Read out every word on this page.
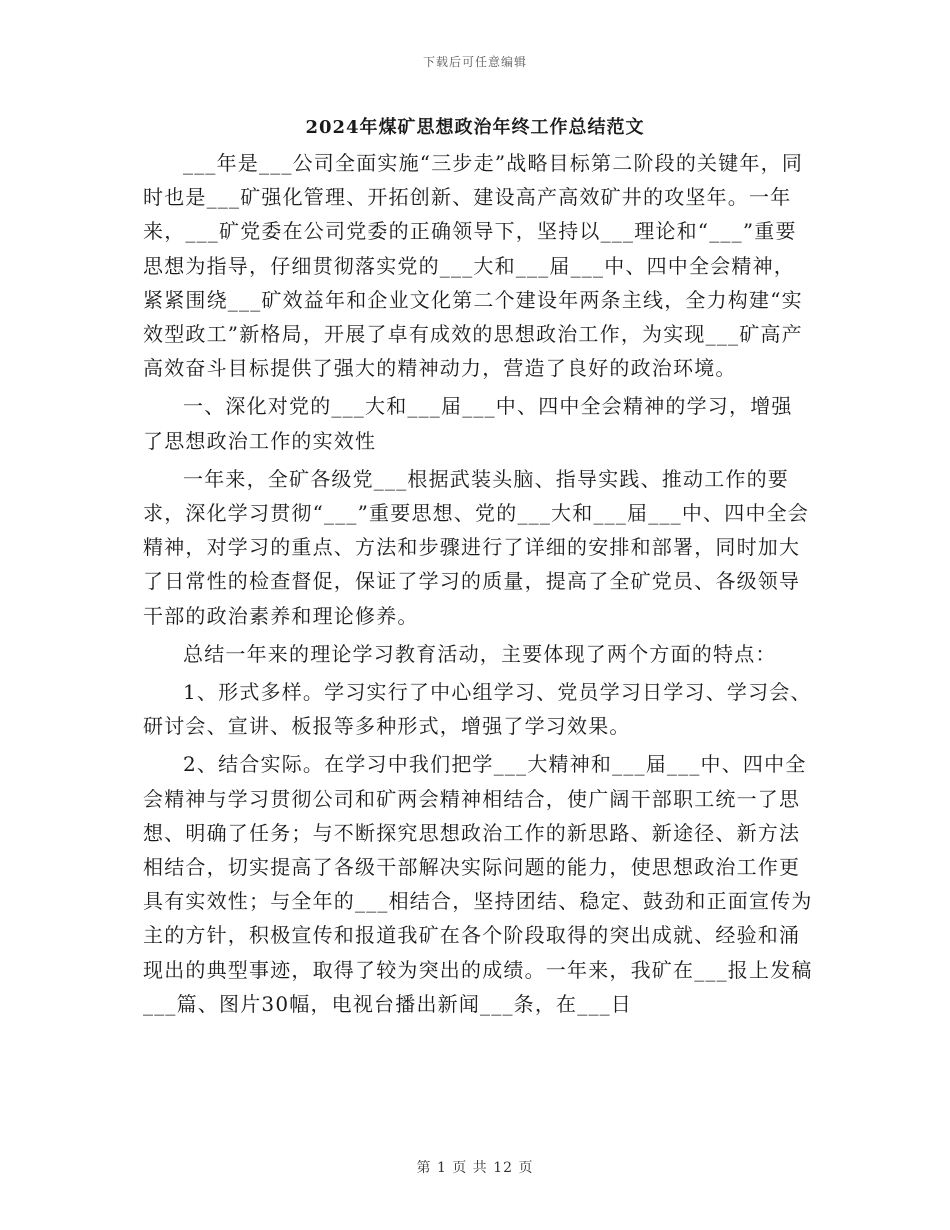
下载后可任意编辑
2024年煤矿思想政治年终工作总结范文

___年是___公司全面实施“三步走”战略目标第二阶段的关键年，同时也是___矿强化管理、开拓创新、建设高产高效矿井的攻坚年。一年来，___矿党委在公司党委的正确领导下，坚持以___理论和“___”重要思想为指导，仔细贯彻落实党的___大和___届___中、四中全会精神，紧紧围绕___矿效益年和企业文化第二个建设年两条主线，全力构建“实效型政工”新格局，开展了卓有成效的思想政治工作，为实现___矿高产高效奋斗目标提供了强大的精神动力，营造了良好的政治环境。

一、深化对党的___大和___届___中、四中全会精神的学习，增强了思想政治工作的实效性

一年来，全矿各级党___根据武装头脑、指导实践、推动工作的要求，深化学习贯彻“___”重要思想、党的___大和___届___中、四中全会精神，对学习的重点、方法和步骤进行了详细的安排和部署，同时加大了日常性的检查督促，保证了学习的质量，提高了全矿党员、各级领导干部的政治素养和理论修养。

总结一年来的理论学习教育活动，主要体现了两个方面的特点：

1、形式多样。学习实行了中心组学习、党员学习日学习、学习会、研讨会、宣讲、板报等多种形式，增强了学习效果。

2、结合实际。在学习中我们把学___大精神和___届___中、四中全会精神与学习贯彻公司和矿两会精神相结合，使广阔干部职工统一了思想、明确了任务；与不断探究思想政治工作的新思路、新途径、新方法相结合，切实提高了各级干部解决实际问题的能力，使思想政治工作更具有实效性；与全年的___相结合，坚持团结、稳定、鼓劲和正面宣传为主的方针，积极宣传和报道我矿在各个阶段取得的突出成就、经验和涌现出的典型事迹，取得了较为突出的成绩。一年来，我矿在___报上发稿___篇、图片30幅，电视台播出新闻___条，在___日

第 1 页 共 12 页
